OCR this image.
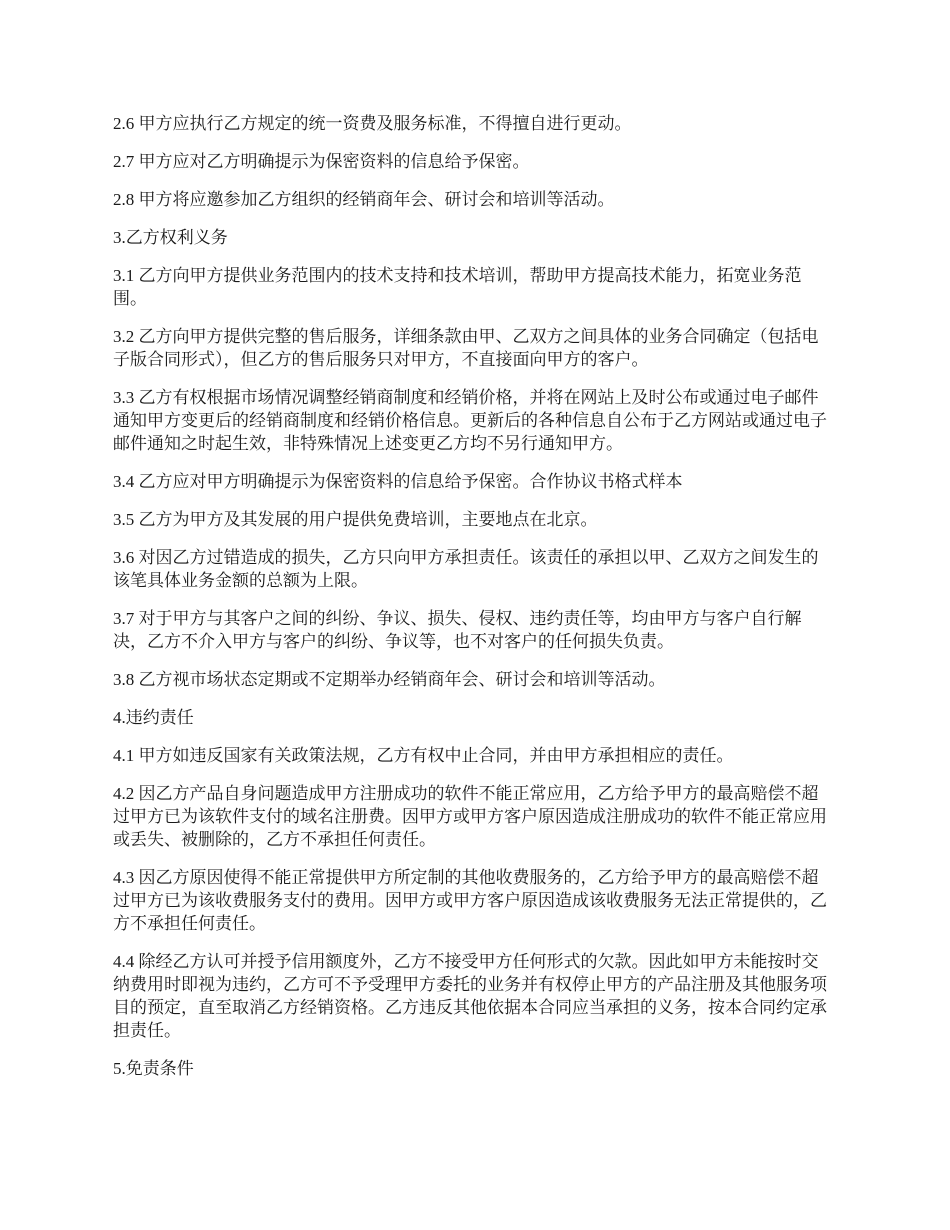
2.6 甲方应执行乙方规定的统一资费及服务标准，不得擅自进行更动。

2.7 甲方应对乙方明确提示为保密资料的信息给予保密。

2.8 甲方将应邀参加乙方组织的经销商年会、研讨会和培训等活动。

3.乙方权利义务

3.1 乙方向甲方提供业务范围内的技术支持和技术培训，帮助甲方提高技术能力，拓宽业务范围。

3.2 乙方向甲方提供完整的售后服务，详细条款由甲、乙双方之间具体的业务合同确定（包括电子版合同形式），但乙方的售后服务只对甲方，不直接面向甲方的客户。

3.3 乙方有权根据市场情况调整经销商制度和经销价格，并将在网站上及时公布或通过电子邮件通知甲方变更后的经销商制度和经销价格信息。更新后的各种信息自公布于乙方网站或通过电子邮件通知之时起生效，非特殊情况上述变更乙方均不另行通知甲方。

3.4 乙方应对甲方明确提示为保密资料的信息给予保密。合作协议书格式样本

3.5 乙方为甲方及其发展的用户提供免费培训，主要地点在北京。

3.6 对因乙方过错造成的损失，乙方只向甲方承担责任。该责任的承担以甲、乙双方之间发生的该笔具体业务金额的总额为上限。

3.7 对于甲方与其客户之间的纠纷、争议、损失、侵权、违约责任等，均由甲方与客户自行解决，乙方不介入甲方与客户的纠纷、争议等，也不对客户的任何损失负责。

3.8 乙方视市场状态定期或不定期举办经销商年会、研讨会和培训等活动。

4.违约责任

4.1 甲方如违反国家有关政策法规，乙方有权中止合同，并由甲方承担相应的责任。

4.2 因乙方产品自身问题造成甲方注册成功的软件不能正常应用，乙方给予甲方的最高赔偿不超过甲方已为该软件支付的域名注册费。因甲方或甲方客户原因造成注册成功的软件不能正常应用或丢失、被删除的，乙方不承担任何责任。

4.3 因乙方原因使得不能正常提供甲方所定制的其他收费服务的，乙方给予甲方的最高赔偿不超过甲方已为该收费服务支付的费用。因甲方或甲方客户原因造成该收费服务无法正常提供的，乙方不承担任何责任。

4.4 除经乙方认可并授予信用额度外，乙方不接受甲方任何形式的欠款。因此如甲方未能按时交纳费用时即视为违约，乙方可不予受理甲方委托的业务并有权停止甲方的产品注册及其他服务项目的预定，直至取消乙方经销资格。乙方违反其他依据本合同应当承担的义务，按本合同约定承担责任。

5.免责条件
